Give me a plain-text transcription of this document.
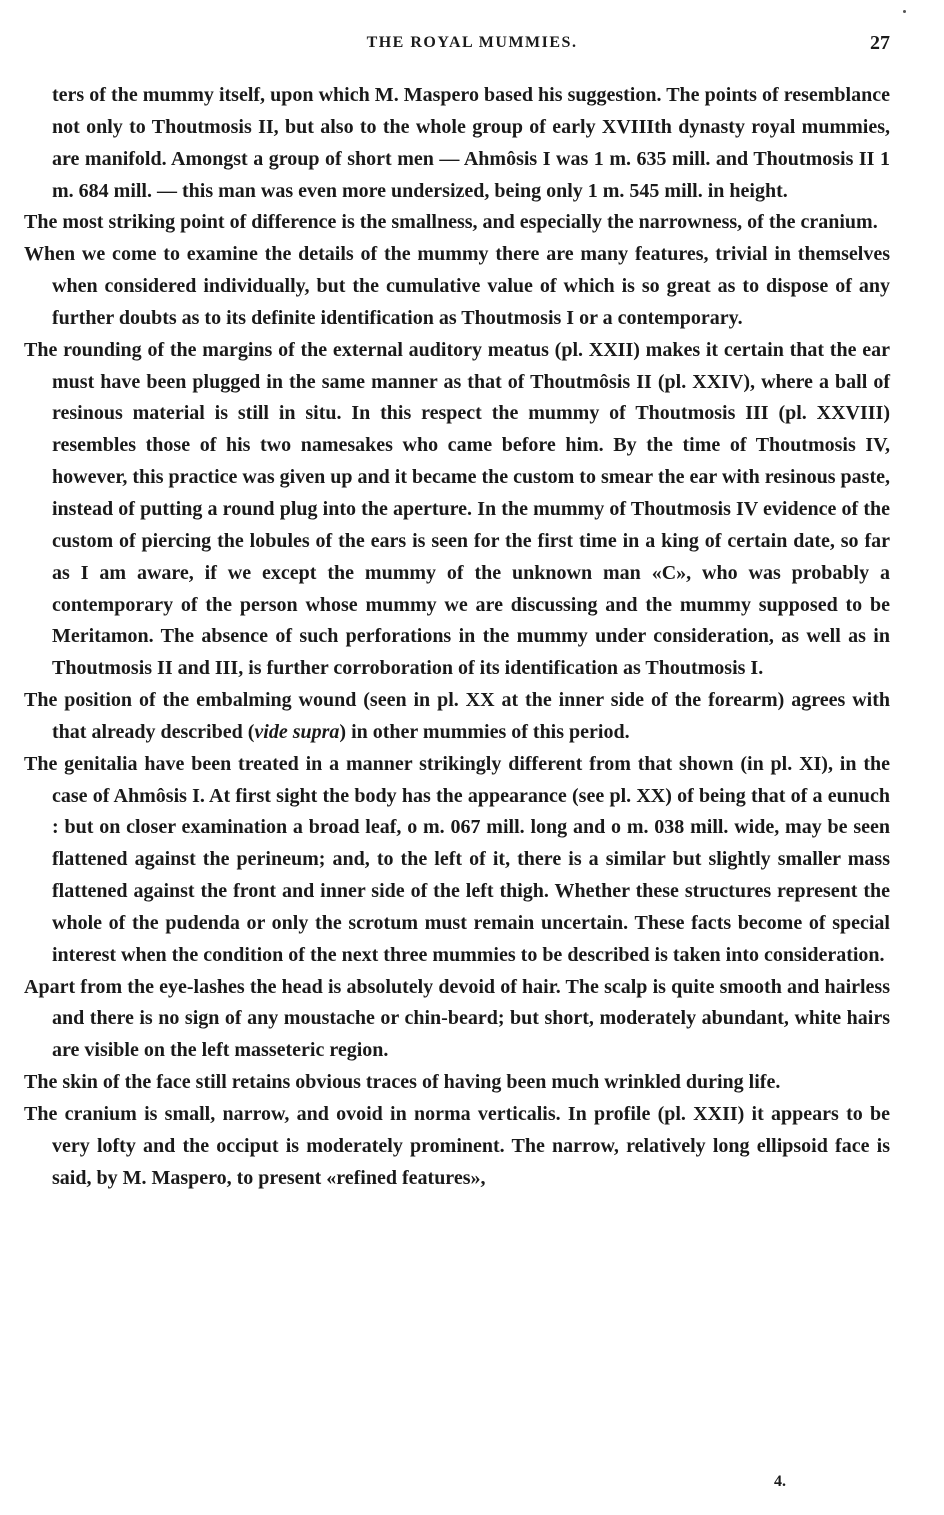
THE ROYAL MUMMIES.	27

ters of the mummy itself, upon which M. Maspero based his suggestion. The points of resemblance not only to Thoutmosis II, but also to the whole group of early XVIIIth dynasty royal mummies, are manifold. Amongst a group of short men — Ahmôsis I was 1 m. 635 mill. and Thoutmosis II 1 m. 684 mill. — this man was even more undersized, being only 1 m. 545 mill. in height.

The most striking point of difference is the smallness, and especially the narrowness, of the cranium.

When we come to examine the details of the mummy there are many features, trivial in themselves when considered individually, but the cumulative value of which is so great as to dispose of any further doubts as to its definite identification as Thoutmosis I or a contemporary.

The rounding of the margins of the external auditory meatus (pl. XXII) makes it certain that the ear must have been plugged in the same manner as that of Thoutmôsis II (pl. XXIV), where a ball of resinous material is still in situ. In this respect the mummy of Thoutmosis III (pl. XXVIII) resembles those of his two namesakes who came before him. By the time of Thoutmosis IV, however, this practice was given up and it became the custom to smear the ear with resinous paste, instead of putting a round plug into the aperture. In the mummy of Thoutmosis IV evidence of the custom of piercing the lobules of the ears is seen for the first time in a king of certain date, so far as I am aware, if we except the mummy of the unknown man «C», who was probably a contemporary of the person whose mummy we are discussing and the mummy supposed to be Meritamon. The absence of such perforations in the mummy under consideration, as well as in Thoutmosis II and III, is further corroboration of its identification as Thoutmosis I.

The position of the embalming wound (seen in pl. XX at the inner side of the forearm) agrees with that already described (vide supra) in other mummies of this period.

The genitalia have been treated in a manner strikingly different from that shown (in pl. XI), in the case of Ahmôsis I. At first sight the body has the appearance (see pl. XX) of being that of a eunuch : but on closer examination a broad leaf, o m. 067 mill. long and o m. 038 mill. wide, may be seen flattened against the perineum; and, to the left of it, there is a similar but slightly smaller mass flattened against the front and inner side of the left thigh. Whether these structures represent the whole of the pudenda or only the scrotum must remain uncertain. These facts become of special interest when the condition of the next three mummies to be described is taken into consideration.

Apart from the eye-lashes the head is absolutely devoid of hair. The scalp is quite smooth and hairless and there is no sign of any moustache or chin-beard; but short, moderately abundant, white hairs are visible on the left masseteric region.

The skin of the face still retains obvious traces of having been much wrinkled during life.

The cranium is small, narrow, and ovoid in norma verticalis. In profile (pl. XXII) it appears to be very lofty and the occiput is moderately prominent. The narrow, relatively long ellipsoid face is said, by M. Maspero, to present «refined features»,

4.
